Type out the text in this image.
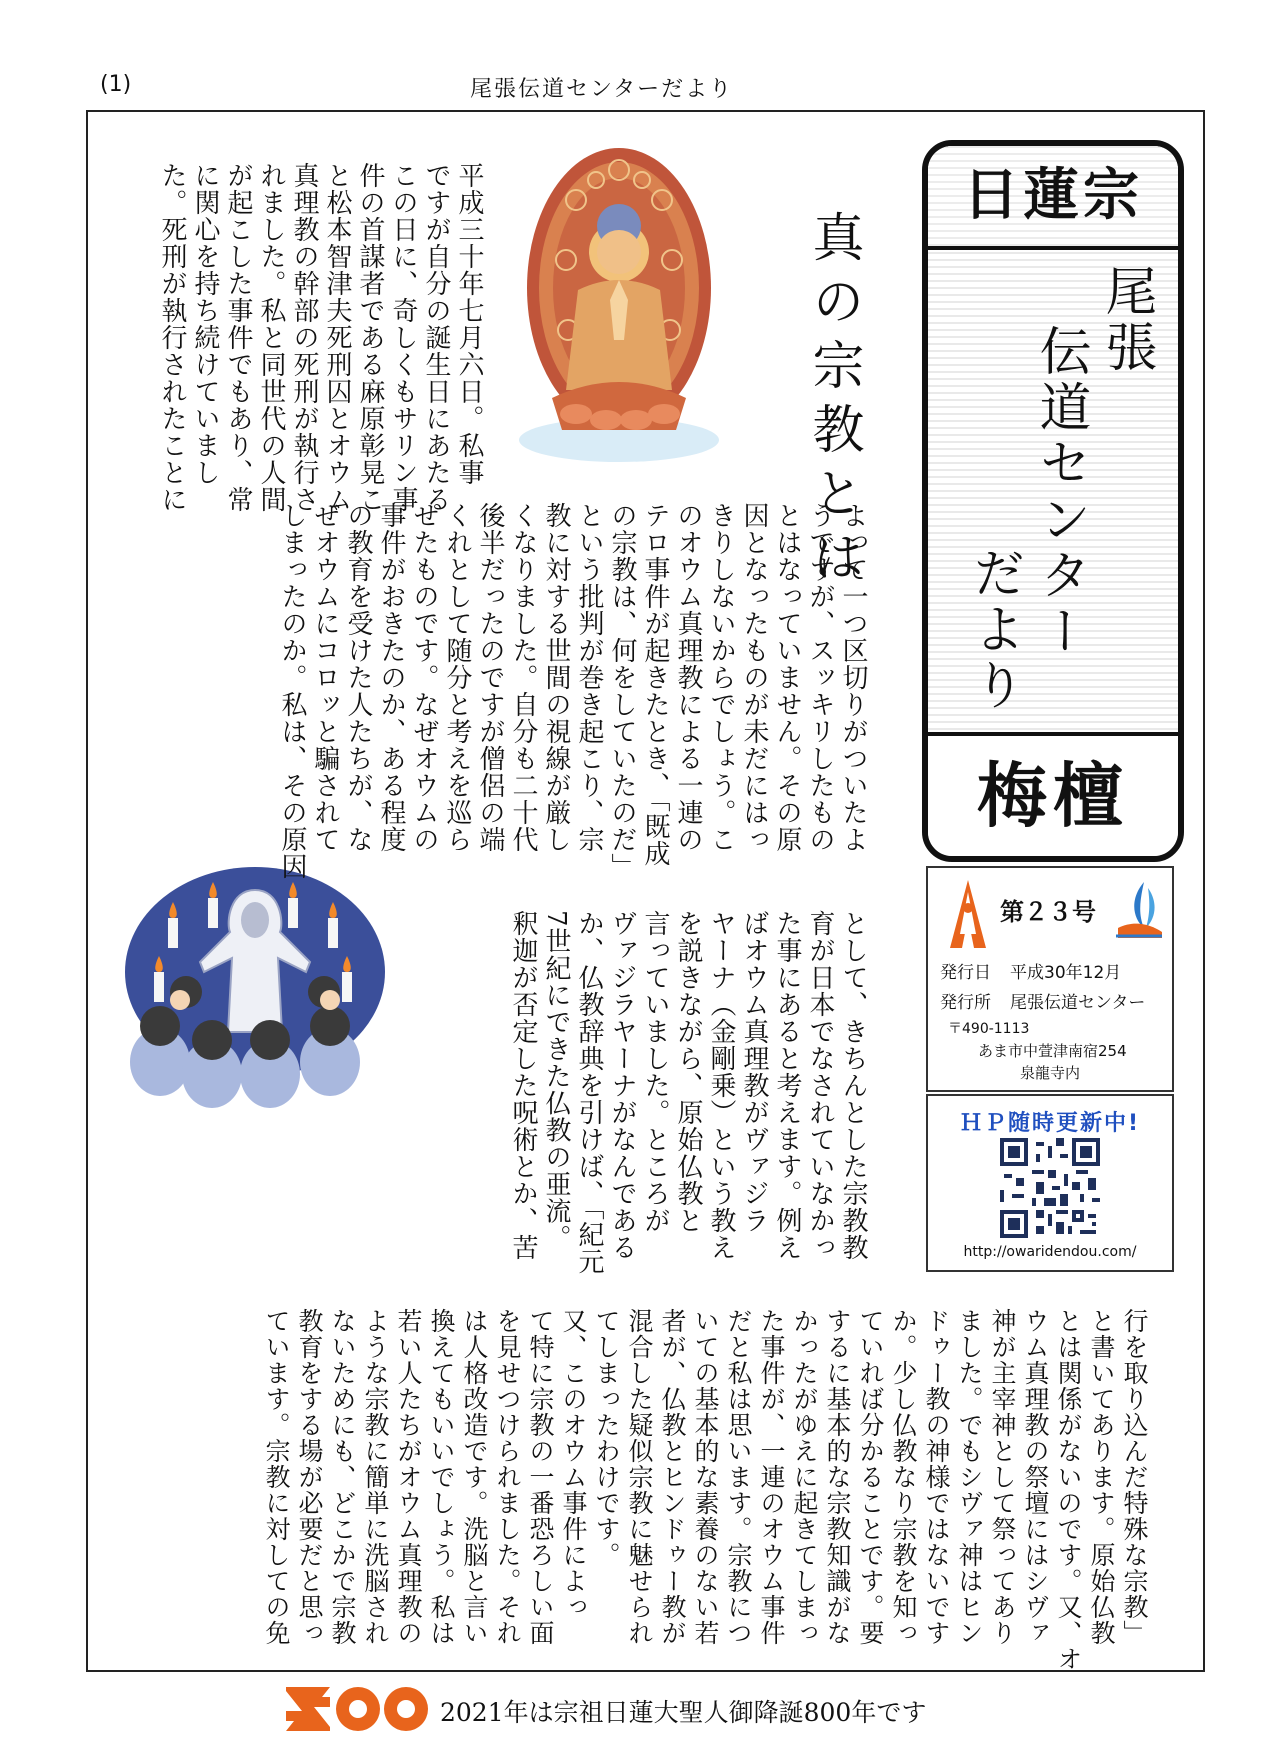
(1)	尾張伝道センターだより
日蓮宗
尾張
伝道センター
だより
梅檀
第２３号
発行日 平成30年12月
発行所 尾張伝道センター
〒490-1113
あま市中萱津南宿254
泉龍寺内
ＨＰ随時更新中!
http://owaridendou.com/
真の宗教とは
平成三十年七月六日。私事
ですが自分の誕生日にあたる
この日に、奇しくもサリン事
件の首謀者である麻原彰晃こ
と松本智津夫死刑囚とオウム
真理教の幹部の死刑が執行さ
れました。私と同世代の人間
が起こした事件でもあり、常
に関心を持ち続けていまし
た。死刑が執行されたことに
よって一つ区切りがついたよ
うですが、スッキリしたもの
とはなっていません。その原
因となったものが未だにはっ
きりしないからでしょう。こ
のオウム真理教による一連の
テロ事件が起きたとき、「既成
の宗教は、何をしていたのだ」
という批判が巻き起こり、宗
教に対する世間の視線が厳し
くなりました。自分も二十代
後半だったのですが僧侶の端
くれとして随分と考えを巡ら
せたものです。なぜオウムの
事件がおきたのか、ある程度
の教育を受けた人たちが、な
ぜオウムにコロッと騙されて
しまったのか。私は、その原因
として、きちんとした宗教教
育が日本でなされていなかっ
た事にあると考えます。例え
ばオウム真理教がヴァジラ
ヤーナ（金剛乗）という教え
を説きながら、原始仏教と
言っていました。ところが
ヴァジラヤーナがなんである
か、仏教辞典を引けば、「紀元
7世紀にできた仏教の亜流。
釈迦が否定した呪術とか、苦
行を取り込んだ特殊な宗教」
と書いてあります。原始仏教
とは関係がないのです。又、オ
ウム真理教の祭壇にはシヴァ
神が主宰神として祭ってあり
ました。でもシヴァ神はヒン
ドゥー教の神様ではないです
か。少し仏教なり宗教を知っ
ていれば分かることです。要
するに基本的な宗教知識がな
かったがゆえに起きてしまっ
た事件が、一連のオウム事件
だと私は思います。宗教につ
いての基本的な素養のない若
者が、仏教とヒンドゥー教が
混合した疑似宗教に魅せられ
てしまったわけです。
又、このオウム事件によっ
て特に宗教の一番恐ろしい面
を見せつけられました。それ
は人格改造です。洗脳と言い
換えてもいいでしょう。私は
若い人たちがオウム真理教の
ような宗教に簡単に洗脳され
ないためにも、どこかで宗教
教育をする場が必要だと思っ
ています。宗教に対しての免
2021年は宗祖日蓮大聖人御降誕800年です
